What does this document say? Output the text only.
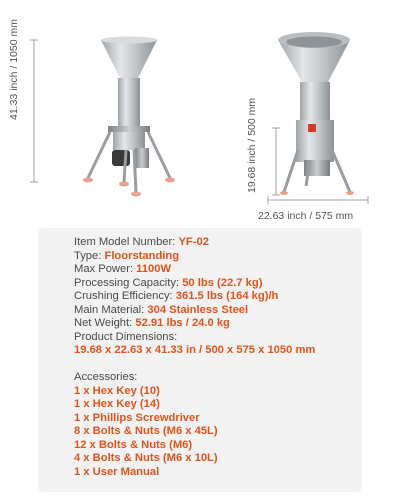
41.33 inch / 1050 mm
19.68 inch / 500 mm
22.63 inch / 575 mm
Item Model Number: YF-02
Type: Floorstanding
Max Power: 1100W
Processing Capacity: 50 lbs (22.7 kg)
Crushing Efficiency: 361.5 lbs (164 kg)/h
Main Material: 304 Stainless Steel
Net Weight: 52.91 lbs / 24.0 kg
Product Dimensions:
19.68 x 22.63 x 41.33 in / 500 x 575 x 1050 mm
Accessories:
1 x Hex Key (10)
1 x Hex Key (14)
1 x Phillips Screwdriver
8 x Bolts & Nuts (M6 x 45L)
12 x Bolts & Nuts (M6)
4 x Bolts & Nuts (M6 x 10L)
1 x User Manual
